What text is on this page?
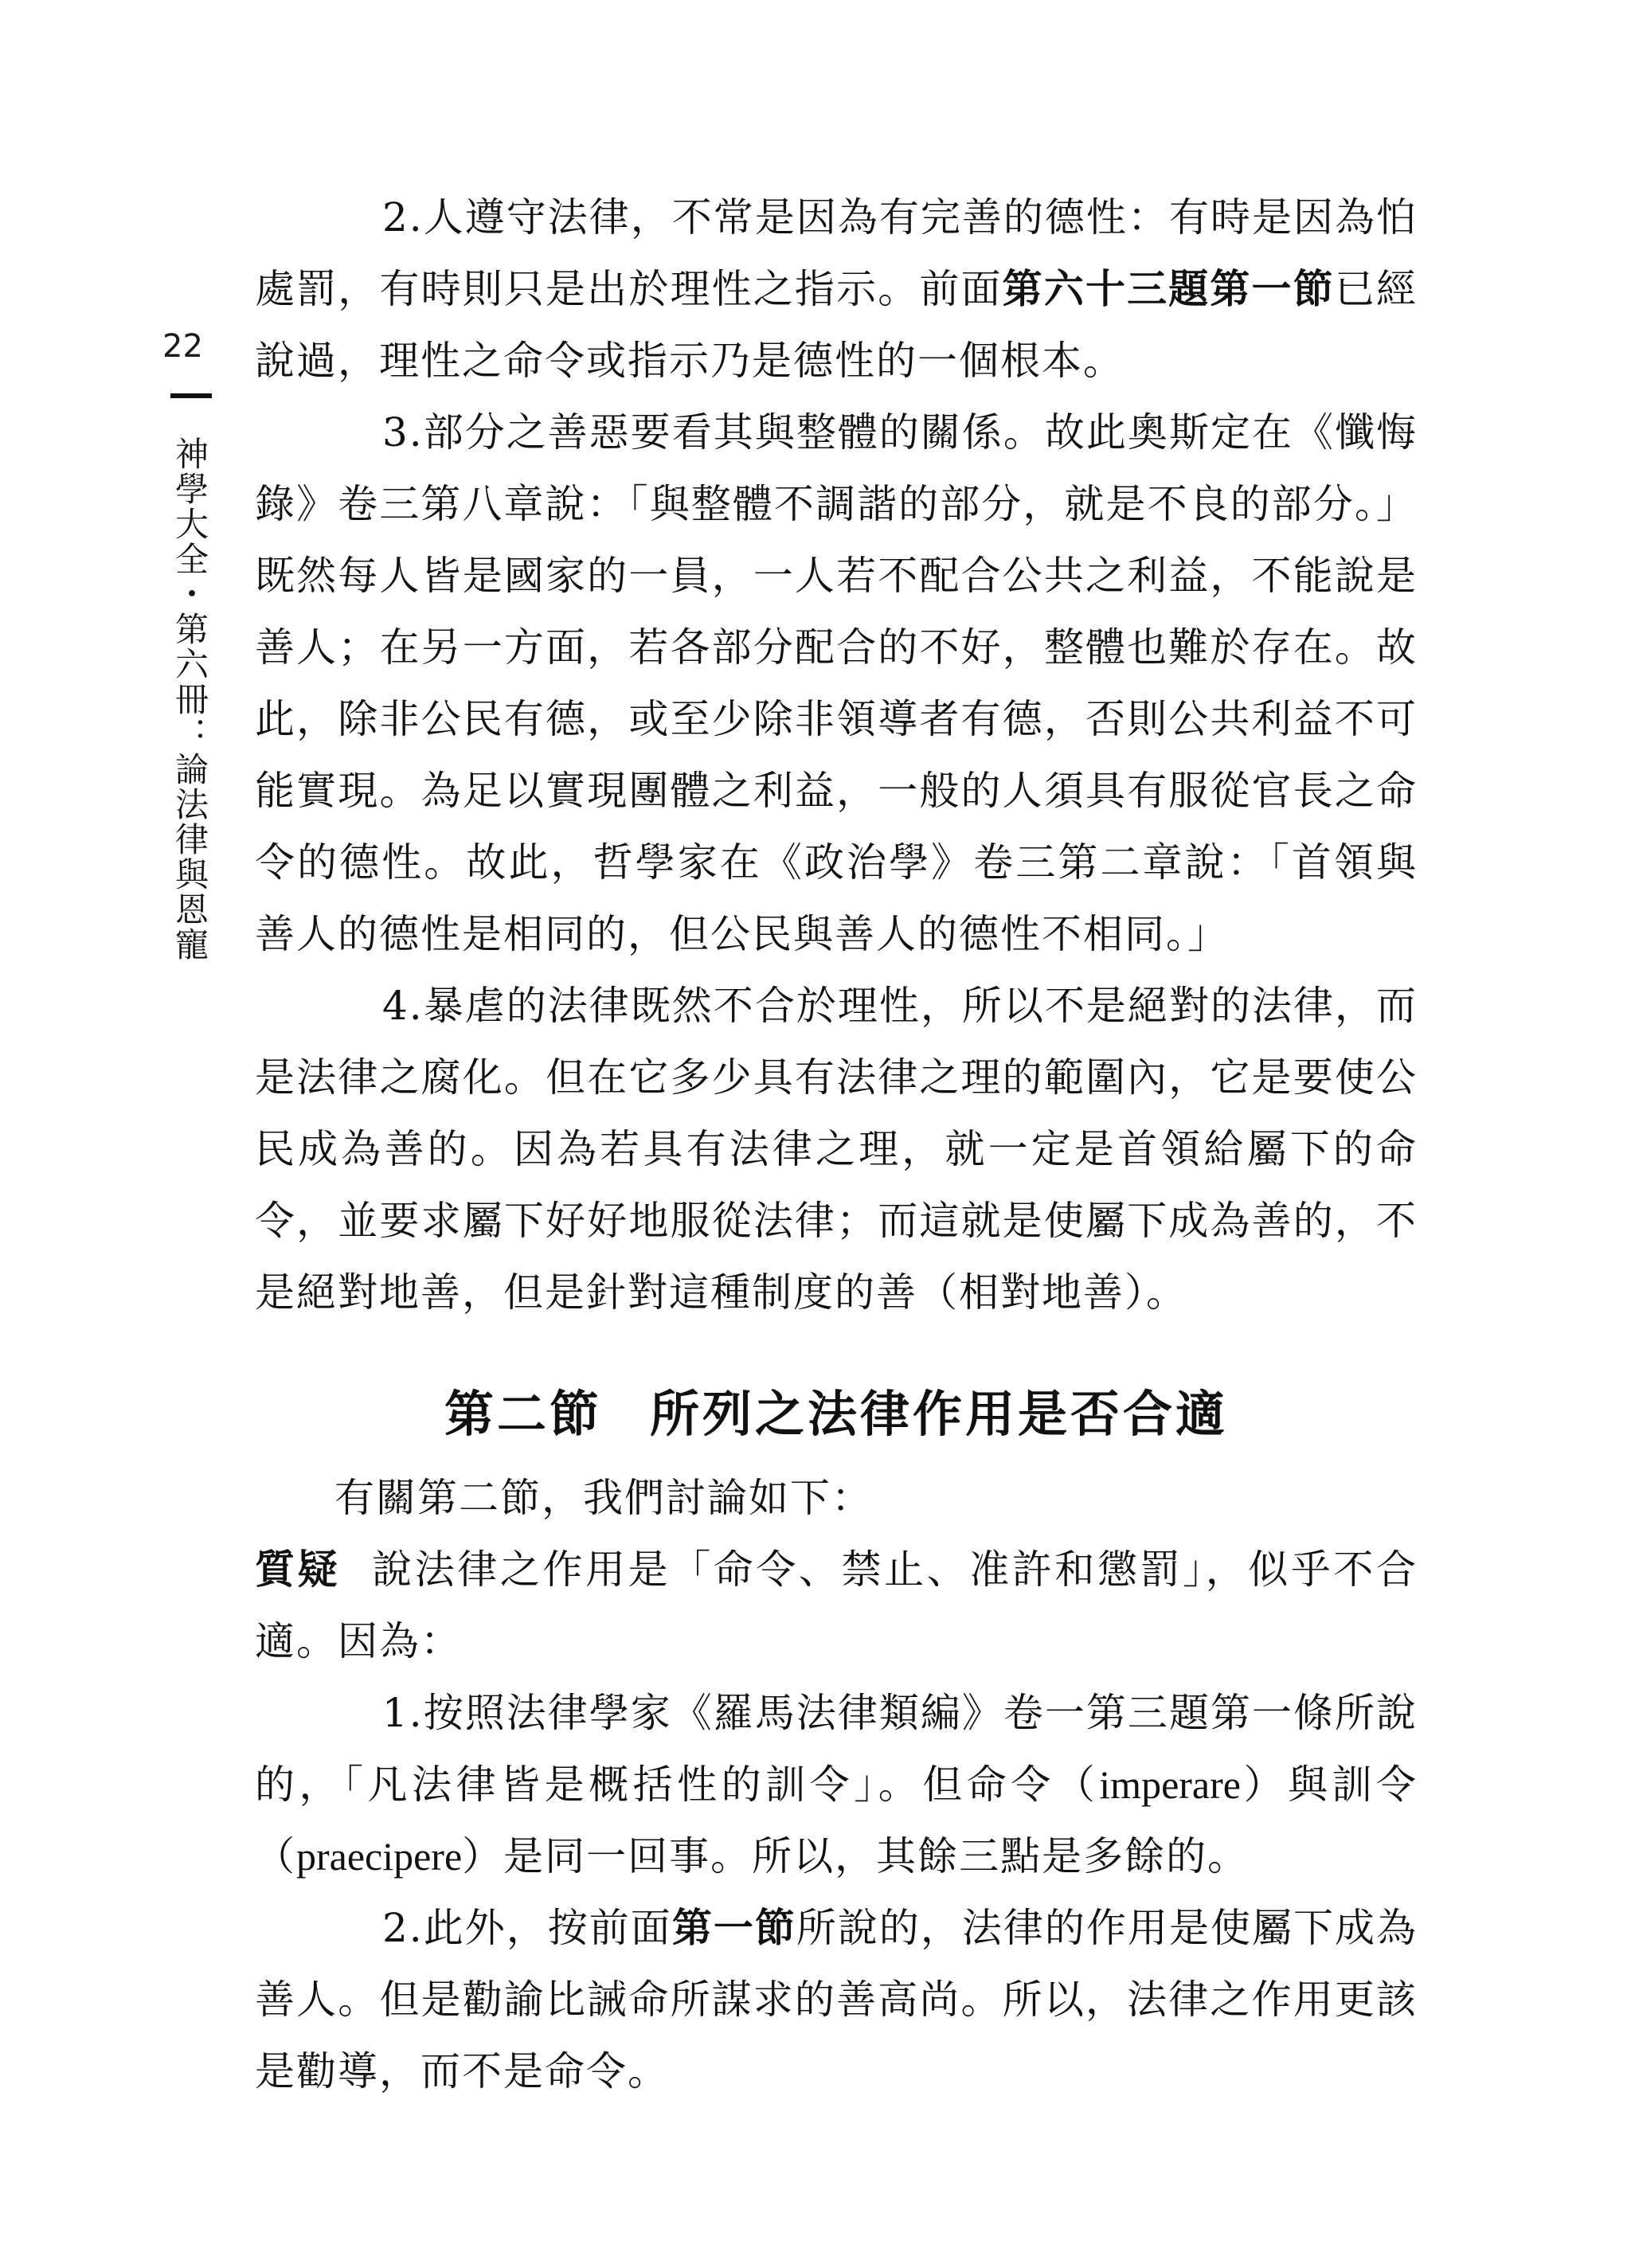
22
神學大全・第六冊：論法律與恩寵

2.人遵守法律，不常是因為有完善的德性：有時是因為怕處罰，有時則只是出於理性之指示。前面第六十三題第一節已經說過，理性之命令或指示乃是德性的一個根本。

3.部分之善惡要看其與整體的關係。故此奧斯定在《懺悔錄》卷三第八章說：「與整體不調諧的部分，就是不良的部分。」既然每人皆是國家的一員，一人若不配合公共之利益，不能說是善人；在另一方面，若各部分配合的不好，整體也難於存在。故此，除非公民有德，或至少除非領導者有德，否則公共利益不可能實現。為足以實現團體之利益，一般的人須具有服從官長之命令的德性。故此，哲學家在《政治學》卷三第二章說：「首領與善人的德性是相同的，但公民與善人的德性不相同。」

4.暴虐的法律既然不合於理性，所以不是絕對的法律，而是法律之腐化。但在它多少具有法律之理的範圍內，它是要使公民成為善的。因為若具有法律之理，就一定是首領給屬下的命令，並要求屬下好好地服從法律；而這就是使屬下成為善的，不是絕對地善，但是針對這種制度的善（相對地善）。

第二節 所列之法律作用是否合適

有關第二節，我們討論如下：

質疑 說法律之作用是「命令、禁止、准許和懲罰」，似乎不合適。因為：

1.按照法律學家《羅馬法律類編》卷一第三題第一條所說的，「凡法律皆是概括性的訓令」。但命令（imperare）與訓令（praecipere）是同一回事。所以，其餘三點是多餘的。

2.此外，按前面第一節所說的，法律的作用是使屬下成為善人。但是勸諭比誡命所謀求的善高尚。所以，法律之作用更該是勸導，而不是命令。
